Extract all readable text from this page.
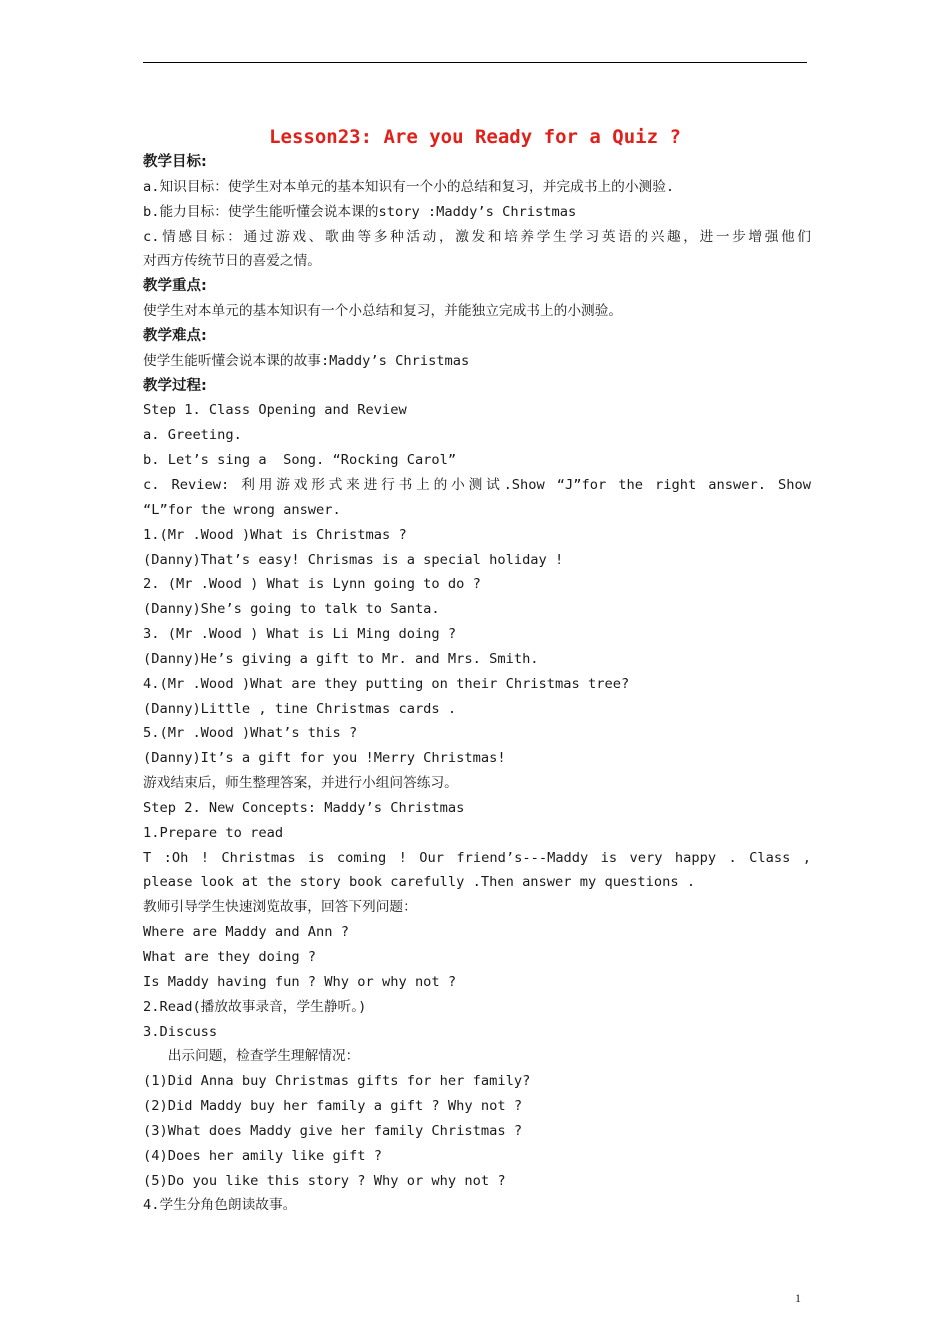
Lesson23: Are you Ready for a Quiz ?
教学目标:
a.知识目标：使学生对本单元的基本知识有一个小的总结和复习，并完成书上的小测验.
b.能力目标：使学生能听懂会说本课的story :Maddy’s Christmas
c.情感目标：通过游戏、歌曲等多种活动，激发和培养学生学习英语的兴趣，进一步增强他们
对西方传统节日的喜爱之情。
教学重点:
使学生对本单元的基本知识有一个小总结和复习，并能独立完成书上的小测验。
教学难点:
使学生能听懂会说本课的故事:Maddy’s Christmas
教学过程:
Step 1. Class Opening and Review
a. Greeting.
b. Let’s sing a  Song. “Rocking Carol”
c. Review: 利用游戏形式来进行书上的小测试.Show “J”for the right answer. Show
“L”for the wrong answer.
1.(Mr .Wood )What is Christmas ?
(Danny)That’s easy! Chrismas is a special holiday !
2. (Mr .Wood ) What is Lynn going to do ?
(Danny)She’s going to talk to Santa.
3. (Mr .Wood ) What is Li Ming doing ?
(Danny)He’s giving a gift to Mr. and Mrs. Smith.
4.(Mr .Wood )What are they putting on their Christmas tree?
(Danny)Little , tine Christmas cards .
5.(Mr .Wood )What’s this ?
(Danny)It’s a gift for you !Merry Christmas!
游戏结束后，师生整理答案，并进行小组问答练习。
Step 2. New Concepts: Maddy’s Christmas
1.Prepare to read
T :Oh ! Christmas is coming ! Our friend’s---Maddy is very happy . Class ,
please look at the story book carefully .Then answer my questions .
教师引导学生快速浏览故事，回答下列问题：
Where are Maddy and Ann ?
What are they doing ?
Is Maddy having fun ? Why or why not ?
2.Read(播放故事录音，学生静听。)
3.Discuss
出示问题，检查学生理解情况：
(1)Did Anna buy Christmas gifts for her family?
(2)Did Maddy buy her family a gift ? Why not ?
(3)What does Maddy give her family Christmas ?
(4)Does her amily like gift ?
(5)Do you like this story ? Why or why not ?
4.学生分角色朗读故事。
1
